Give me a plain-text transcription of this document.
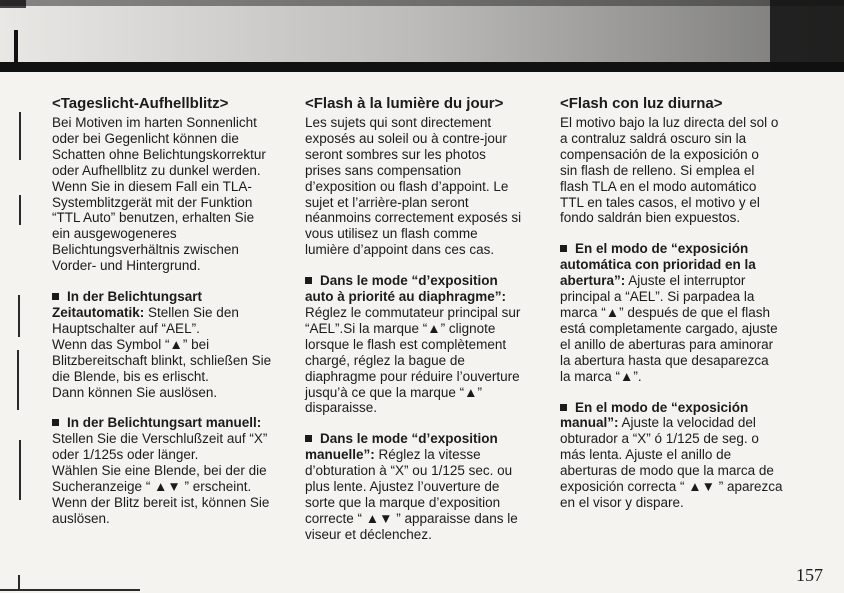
<Tageslicht-Aufhellblitz>

Bei Motiven im harten Sonnenlicht
oder bei Gegenlicht können die
Schatten ohne Belichtungskorrektur
oder Aufhellblitz zu dunkel werden.
Wenn Sie in diesem Fall ein TLA-
Systemblitzgerät mit der Funktion
“TTL Auto” benutzen, erhalten Sie
ein ausgewogeneres
Belichtungsverhältnis zwischen
Vorder- und Hintergrund.

In der Belichtungsart
Zeitautomatik: Stellen Sie den
Hauptschalter auf “AEL”.
Wenn das Symbol “▲” bei
Blitzbereitschaft blinkt, schließen Sie
die Blende, bis es erlischt.
Dann können Sie auslösen.

In der Belichtungsart manuell:
Stellen Sie die Verschlußzeit auf “X”
oder 1/125s oder länger.
Wählen Sie eine Blende, bei der die
Sucheranzeige “ ▲▼ ” erscheint.
Wenn der Blitz bereit ist, können Sie
auslösen.

<Flash à la lumière du jour>

Les sujets qui sont directement
exposés au soleil ou à contre-jour
seront sombres sur les photos
prises sans compensation
d’exposition ou flash d’appoint. Le
sujet et l’arrière-plan seront
néanmoins correctement exposés si
vous utilisez un flash comme
lumière d’appoint dans ces cas.

Dans le mode “d’exposition
auto à priorité au diaphragme”:
Réglez le commutateur principal sur
“AEL”.Si la marque “▲” clignote
lorsque le flash est complètement
chargé, réglez la bague de
diaphragme pour réduire l’ouverture
jusqu’à ce que la marque “▲”
disparaisse.

Dans le mode “d’exposition
manuelle”: Réglez la vitesse
d’obturation à “X” ou 1/125 sec. ou
plus lente. Ajustez l’ouverture de
sorte que la marque d’exposition
correcte “ ▲▼ ” apparaisse dans le
viseur et déclenchez.

<Flash con luz diurna>

El motivo bajo la luz directa del sol o
a contraluz saldrá oscuro sin la
compensación de la exposición o
sin flash de relleno. Si emplea el
flash TLA en el modo automático
TTL en tales casos, el motivo y el
fondo saldrán bien expuestos.

En el modo de “exposición
automática con prioridad en la
abertura”: Ajuste el interruptor
principal a “AEL”. Si parpadea la
marca “▲” después de que el flash
está completamente cargado, ajuste
el anillo de aberturas para aminorar
la abertura hasta que desaparezca
la marca “▲”.

En el modo de “exposición
manual”: Ajuste la velocidad del
obturador a “X” ó 1/125 de seg. o
más lenta. Ajuste el anillo de
aberturas de modo que la marca de
exposición correcta “ ▲▼ ” aparezca
en el visor y dispare.

157
